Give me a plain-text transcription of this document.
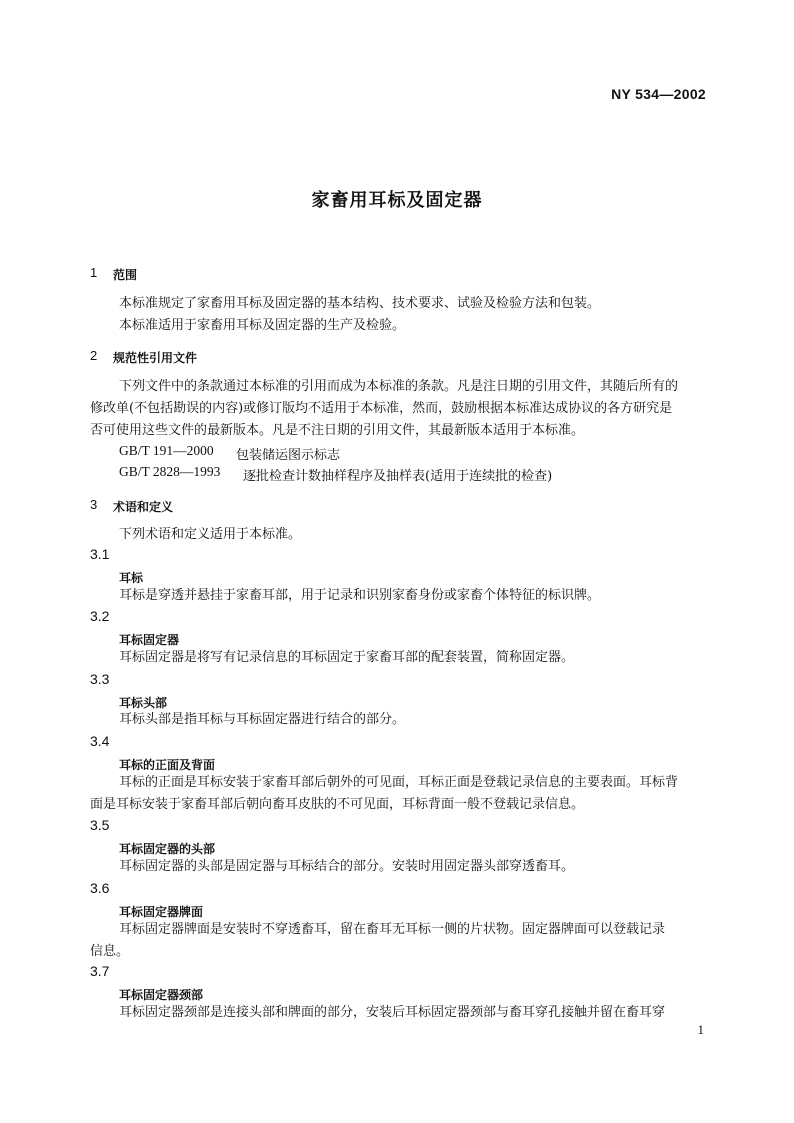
NY 534—2002
家畜用耳标及固定器
1 范围
本标准规定了家畜用耳标及固定器的基本结构、技术要求、试验及检验方法和包装。
本标准适用于家畜用耳标及固定器的生产及检验。
2 规范性引用文件
下列文件中的条款通过本标准的引用而成为本标准的条款。凡是注日期的引用文件，其随后所有的
修改单(不包括勘误的内容)或修订版均不适用于本标准，然而，鼓励根据本标准达成协议的各方研究是
否可使用这些文件的最新版本。凡是不注日期的引用文件，其最新版本适用于本标准。
GB/T 191—2000 包装储运图示标志
GB/T 2828—1993 逐批检查计数抽样程序及抽样表(适用于连续批的检查)
3 术语和定义
下列术语和定义适用于本标准。
3.1
耳标
耳标是穿透并悬挂于家畜耳部，用于记录和识别家畜身份或家畜个体特征的标识牌。
3.2
耳标固定器
耳标固定器是将写有记录信息的耳标固定于家畜耳部的配套装置，简称固定器。
3.3
耳标头部
耳标头部是指耳标与耳标固定器进行结合的部分。
3.4
耳标的正面及背面
耳标的正面是耳标安装于家畜耳部后朝外的可见面，耳标正面是登载记录信息的主要表面。耳标背
面是耳标安装于家畜耳部后朝向畜耳皮肤的不可见面，耳标背面一般不登载记录信息。
3.5
耳标固定器的头部
耳标固定器的头部是固定器与耳标结合的部分。安装时用固定器头部穿透畜耳。
3.6
耳标固定器牌面
耳标固定器牌面是安装时不穿透畜耳，留在畜耳无耳标一侧的片状物。固定器牌面可以登载记录
信息。
3.7
耳标固定器颈部
耳标固定器颈部是连接头部和牌面的部分，安装后耳标固定器颈部与畜耳穿孔接触并留在畜耳穿
1
